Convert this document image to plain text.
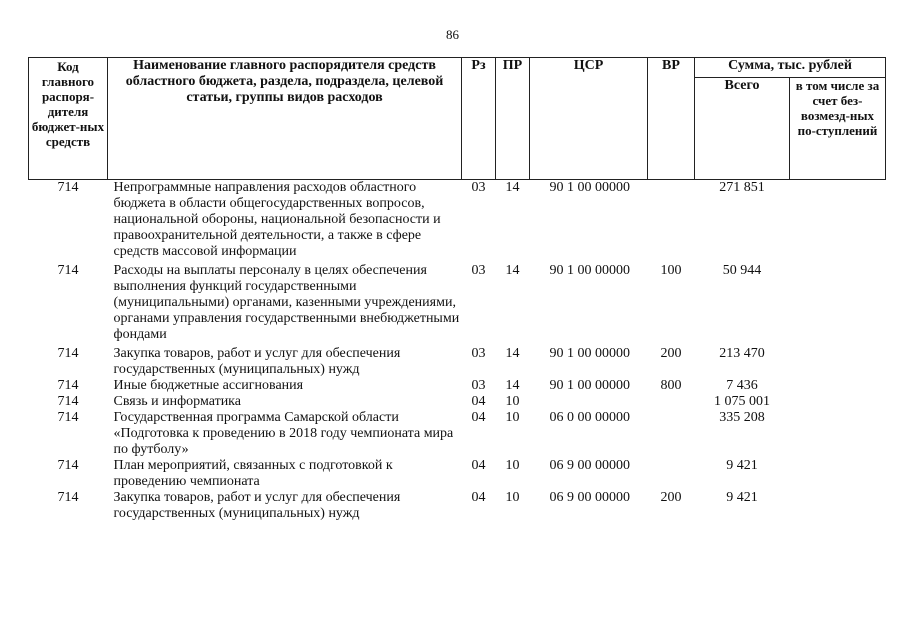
86
Код главного распоря-дителя бюджет-ных средств	Наименование главного распорядителя средств областного бюджета, раздела, подраздела, целевой статьи, группы видов расходов	Рз	ПР	ЦСР	ВР	Сумма, тыс. рублей	
						Всего	в том числе за счет без-возмезд-ных по-ступлений
714	Непрограммные направления расходов областного бюджета в области общегосударственных вопросов, национальной обороны, национальной безопасности и правоохранительной деятельности, а также в сфере средств массовой информации	03	14	90 1 00 00000		271 851	
714	Расходы на выплаты персоналу в целях обеспечения выполнения функций государственными (муниципальными) органами, казенными учреждениями, органами управления государственными внебюджетными фондами	03	14	90 1 00 00000	100	50 944	
714	Закупка товаров, работ и услуг для обеспечения государственных (муниципальных) нужд	03	14	90 1 00 00000	200	213 470	
714	Иные бюджетные ассигнования	03	14	90 1 00 00000	800	7 436	
714	Связь и информатика	04	10			1 075 001	
714	Государственная программа Самарской области «Подготовка к проведению в 2018 году чемпионата мира по футболу»	04	10	06 0 00 00000		335 208	
714	План мероприятий, связанных с подготовкой к проведению чемпионата	04	10	06 9 00 00000		9 421	
714	Закупка товаров, работ и услуг для обеспечения государственных (муниципальных) нужд	04	10	06 9 00 00000	200	9 421	
